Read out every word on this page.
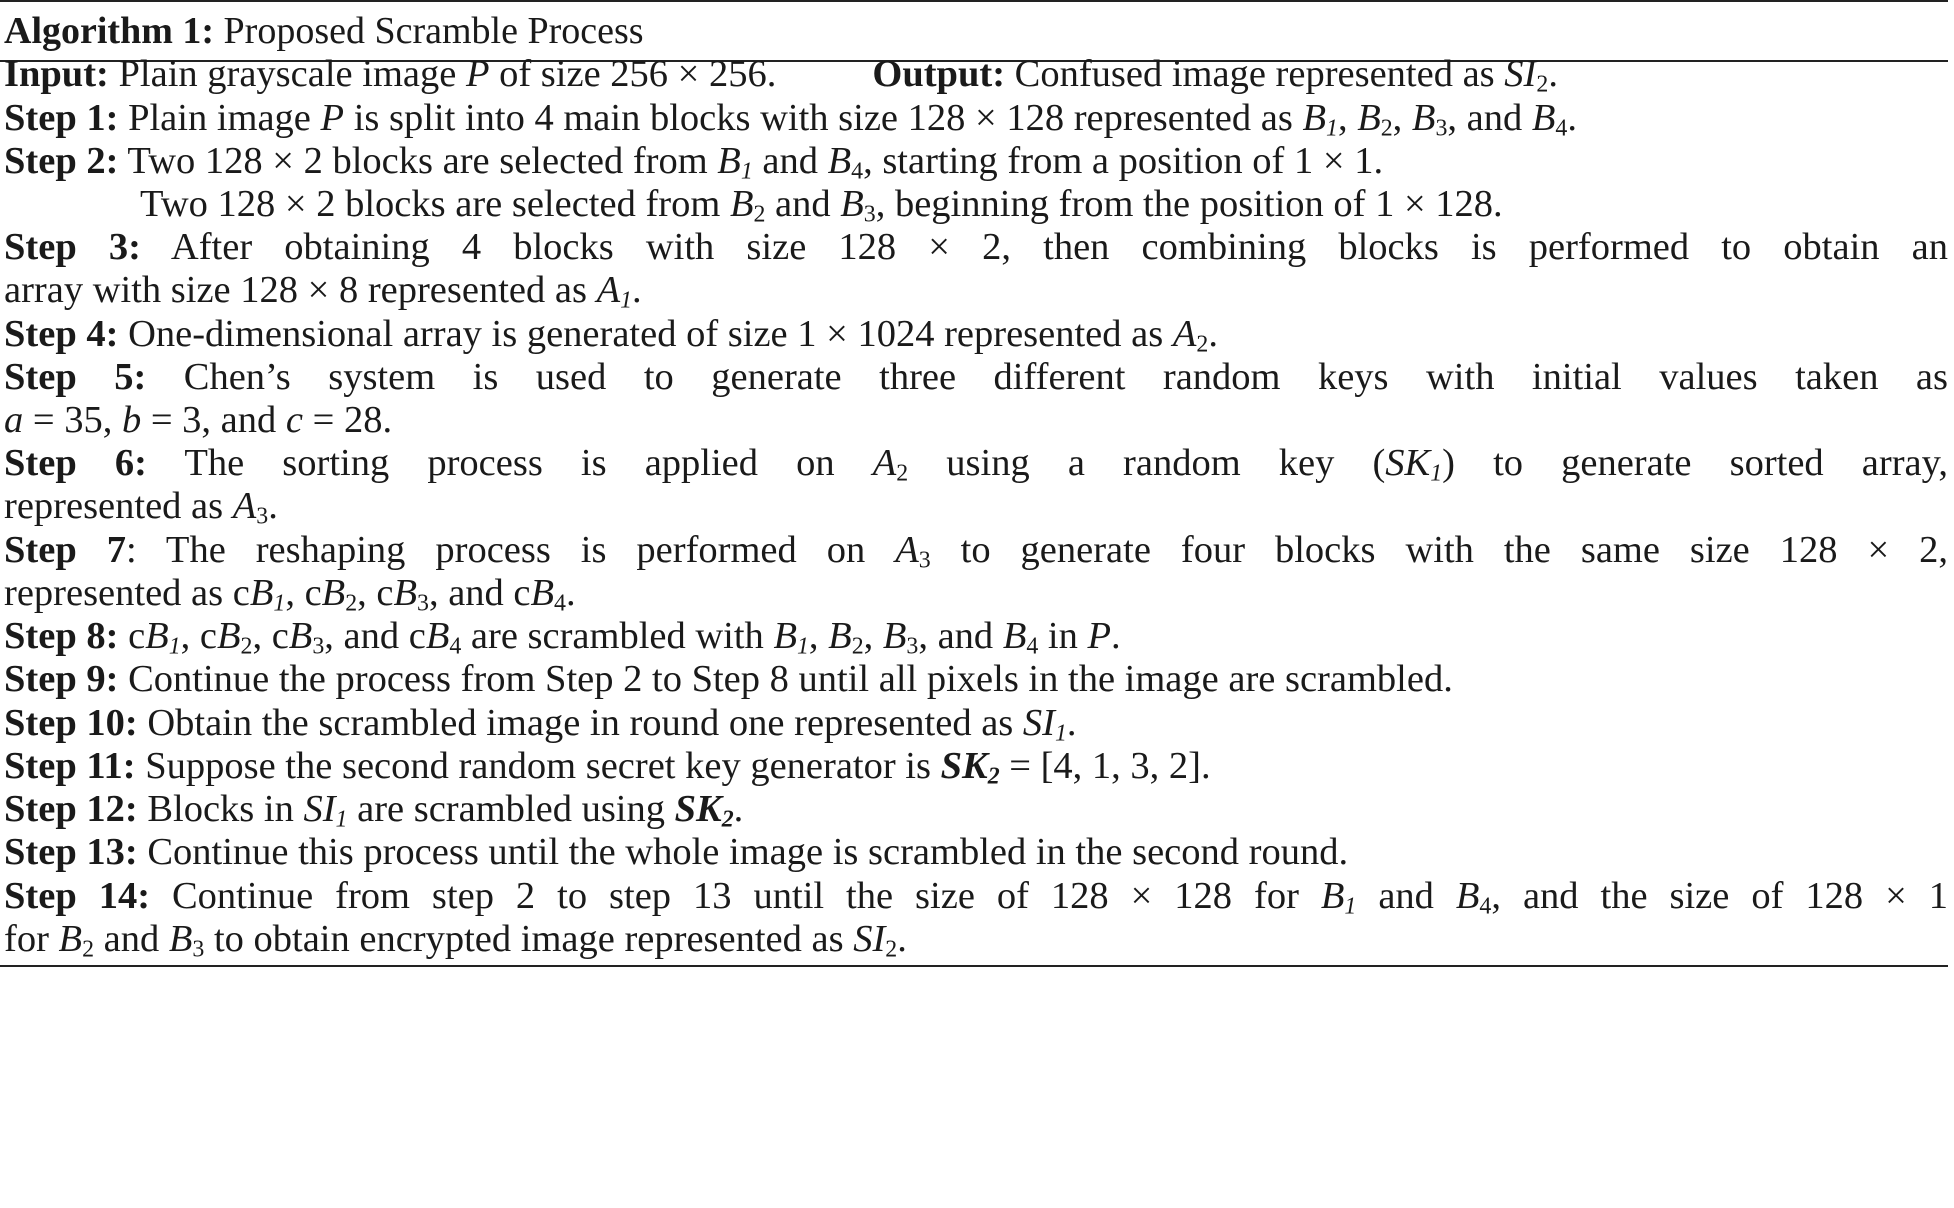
Algorithm 1: Proposed Scramble Process
Input: Plain grayscale image P of size 256 × 256. Output: Confused image represented as $SI_2$.
Step 1: Plain image P is split into 4 main blocks with size 128 × 128 represented as $B_1$, $B_2$, $B_3$, and $B_4$.
Step 2: Two 128 × 2 blocks are selected from $B_1$ and $B_4$, starting from a position of 1 × 1.
Two 128 × 2 blocks are selected from $B_2$ and $B_3$, beginning from the position of 1 × 128.
Step 3: After obtaining 4 blocks with size 128 × 2, then combining blocks is performed to obtain an
array with size 128 × 8 represented as $A_1$.
Step 4: One-dimensional array is generated of size 1 × 1024 represented as $A_2$.
Step 5: Chen’s system is used to generate three different random keys with initial values taken as
a = 35, b = 3, and c = 28.
Step 6: The sorting process is applied on $A_2$ using a random key $(SK_1)$ to generate sorted array,
represented as $A_3$.
Step 7: The reshaping process is performed on $A_3$ to generate four blocks with the same size 128 × 2,
represented as $cB_1$, $cB_2$, $cB_3$, and $cB_4$.
Step 8: $cB_1$, $cB_2$, $cB_3$, and $cB_4$ are scrambled with $B_1$, $B_2$, $B_3$, and $B_4$ in P.
Step 9: Continue the process from Step 2 to Step 8 until all pixels in the image are scrambled.
Step 10: Obtain the scrambled image in round one represented as $SI_1$.
Step 11: Suppose the second random secret key generator is $SK_2 = [4$, 1, 3, 2].
Step 12: Blocks in $SI_1$ are scrambled using $SK_2$.
Step 13: Continue this process until the whole image is scrambled in the second round.
Step 14: Continue from step 2 to step 13 until the size of 128 × 128 for $B_1$ and $B_4$, and the size of 128 × 1
for $B_2$ and $B_3$ to obtain encrypted image represented as $SI_2$.
